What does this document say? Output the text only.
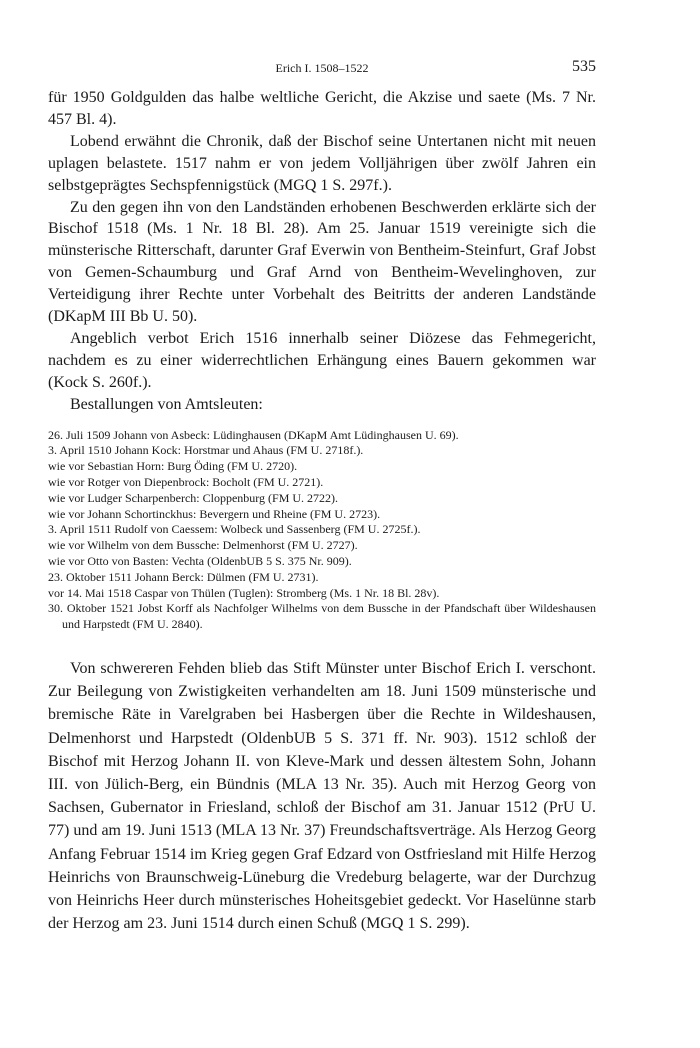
Erich I. 1508–1522	535

für 1950 Goldgulden das halbe weltliche Gericht, die Akzise und saete (Ms. 7 Nr. 457 Bl. 4).

Lobend erwähnt die Chronik, daß der Bischof seine Untertanen nicht mit neuen uplagen belastete. 1517 nahm er von jedem Volljährigen über zwölf Jahren ein selbstgeprägtes Sechspfennigstück (MGQ 1 S. 297f.).

Zu den gegen ihn von den Landständen erhobenen Beschwerden erklärte sich der Bischof 1518 (Ms. 1 Nr. 18 Bl. 28). Am 25. Januar 1519 vereinigte sich die münsterische Ritterschaft, darunter Graf Everwin von Bentheim-Steinfurt, Graf Jobst von Gemen-Schaumburg und Graf Arnd von Bentheim-Wevelinghoven, zur Verteidigung ihrer Rechte unter Vorbehalt des Beitritts der anderen Landstände (DKapM III Bb U. 50).

Angeblich verbot Erich 1516 innerhalb seiner Diözese das Fehmegericht, nachdem es zu einer widerrechtlichen Erhängung eines Bauern gekommen war (Kock S. 260f.).

Bestallungen von Amtsleuten:

26. Juli 1509 Johann von Asbeck: Lüdinghausen (DKapM Amt Lüdinghausen U. 69).
3. April 1510 Johann Kock: Horstmar und Ahaus (FM U. 2718f.).
wie vor Sebastian Horn: Burg Öding (FM U. 2720).
wie vor Rotger von Diepenbrock: Bocholt (FM U. 2721).
wie vor Ludger Scharpenberch: Cloppenburg (FM U. 2722).
wie vor Johann Schortinckhus: Bevergern und Rheine (FM U. 2723).
3. April 1511 Rudolf von Caessem: Wolbeck und Sassenberg (FM U. 2725f.).
wie vor Wilhelm von dem Bussche: Delmenhorst (FM U. 2727).
wie vor Otto von Basten: Vechta (OldenbUB 5 S. 375 Nr. 909).
23. Oktober 1511 Johann Berck: Dülmen (FM U. 2731).
vor 14. Mai 1518 Caspar von Thülen (Tuglen): Stromberg (Ms. 1 Nr. 18 Bl. 28v).
30. Oktober 1521 Jobst Korff als Nachfolger Wilhelms von dem Bussche in der Pfandschaft über Wildeshausen und Harpstedt (FM U. 2840).

Von schwereren Fehden blieb das Stift Münster unter Bischof Erich I. verschont. Zur Beilegung von Zwistigkeiten verhandelten am 18. Juni 1509 münsterische und bremische Räte in Varelgraben bei Hasbergen über die Rechte in Wildeshausen, Delmenhorst und Harpstedt (OldenbUB 5 S. 371 ff. Nr. 903). 1512 schloß der Bischof mit Herzog Johann II. von Kleve-Mark und dessen ältestem Sohn, Johann III. von Jülich-Berg, ein Bündnis (MLA 13 Nr. 35). Auch mit Herzog Georg von Sachsen, Gubernator in Friesland, schloß der Bischof am 31. Januar 1512 (PrU U. 77) und am 19. Juni 1513 (MLA 13 Nr. 37) Freundschaftsverträge. Als Herzog Georg Anfang Februar 1514 im Krieg gegen Graf Edzard von Ostfriesland mit Hilfe Herzog Heinrichs von Braunschweig-Lüneburg die Vredeburg belagerte, war der Durchzug von Heinrichs Heer durch münsterisches Hoheitsgebiet gedeckt. Vor Haselünne starb der Herzog am 23. Juni 1514 durch einen Schuß (MGQ 1 S. 299).
